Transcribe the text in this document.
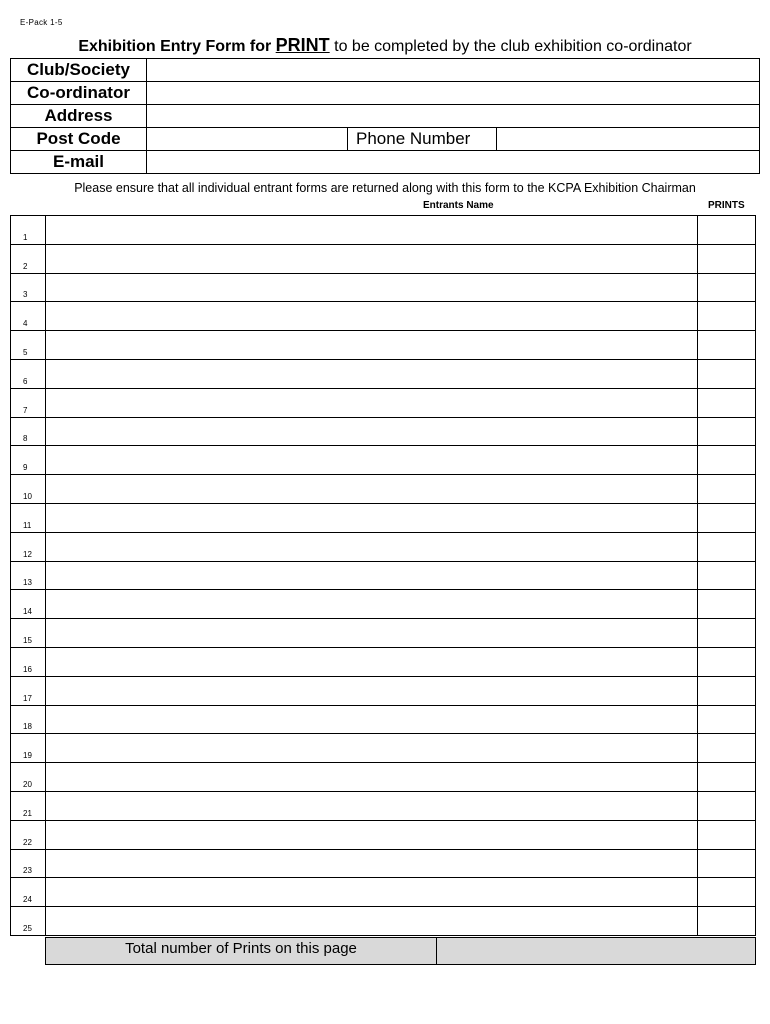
E-Pack 1-5
Exhibition Entry Form for PRINT to be completed by the club exhibition co-ordinator
Club/Society			
Co-ordinator			
Address			
Post Code		Phone Number	
E-mail			
Please ensure that all individual entrant forms are returned along with this form to the KCPA Exhibition Chairman
Entrants Name	PRINTS
1		
2		
3		
4		
5		
6		
7		
8		
9		
10		
11		
12		
13		
14		
15		
16		
17		
18		
19		
20		
21		
22		
23		
24		
25		
Total number of Prints on this page
